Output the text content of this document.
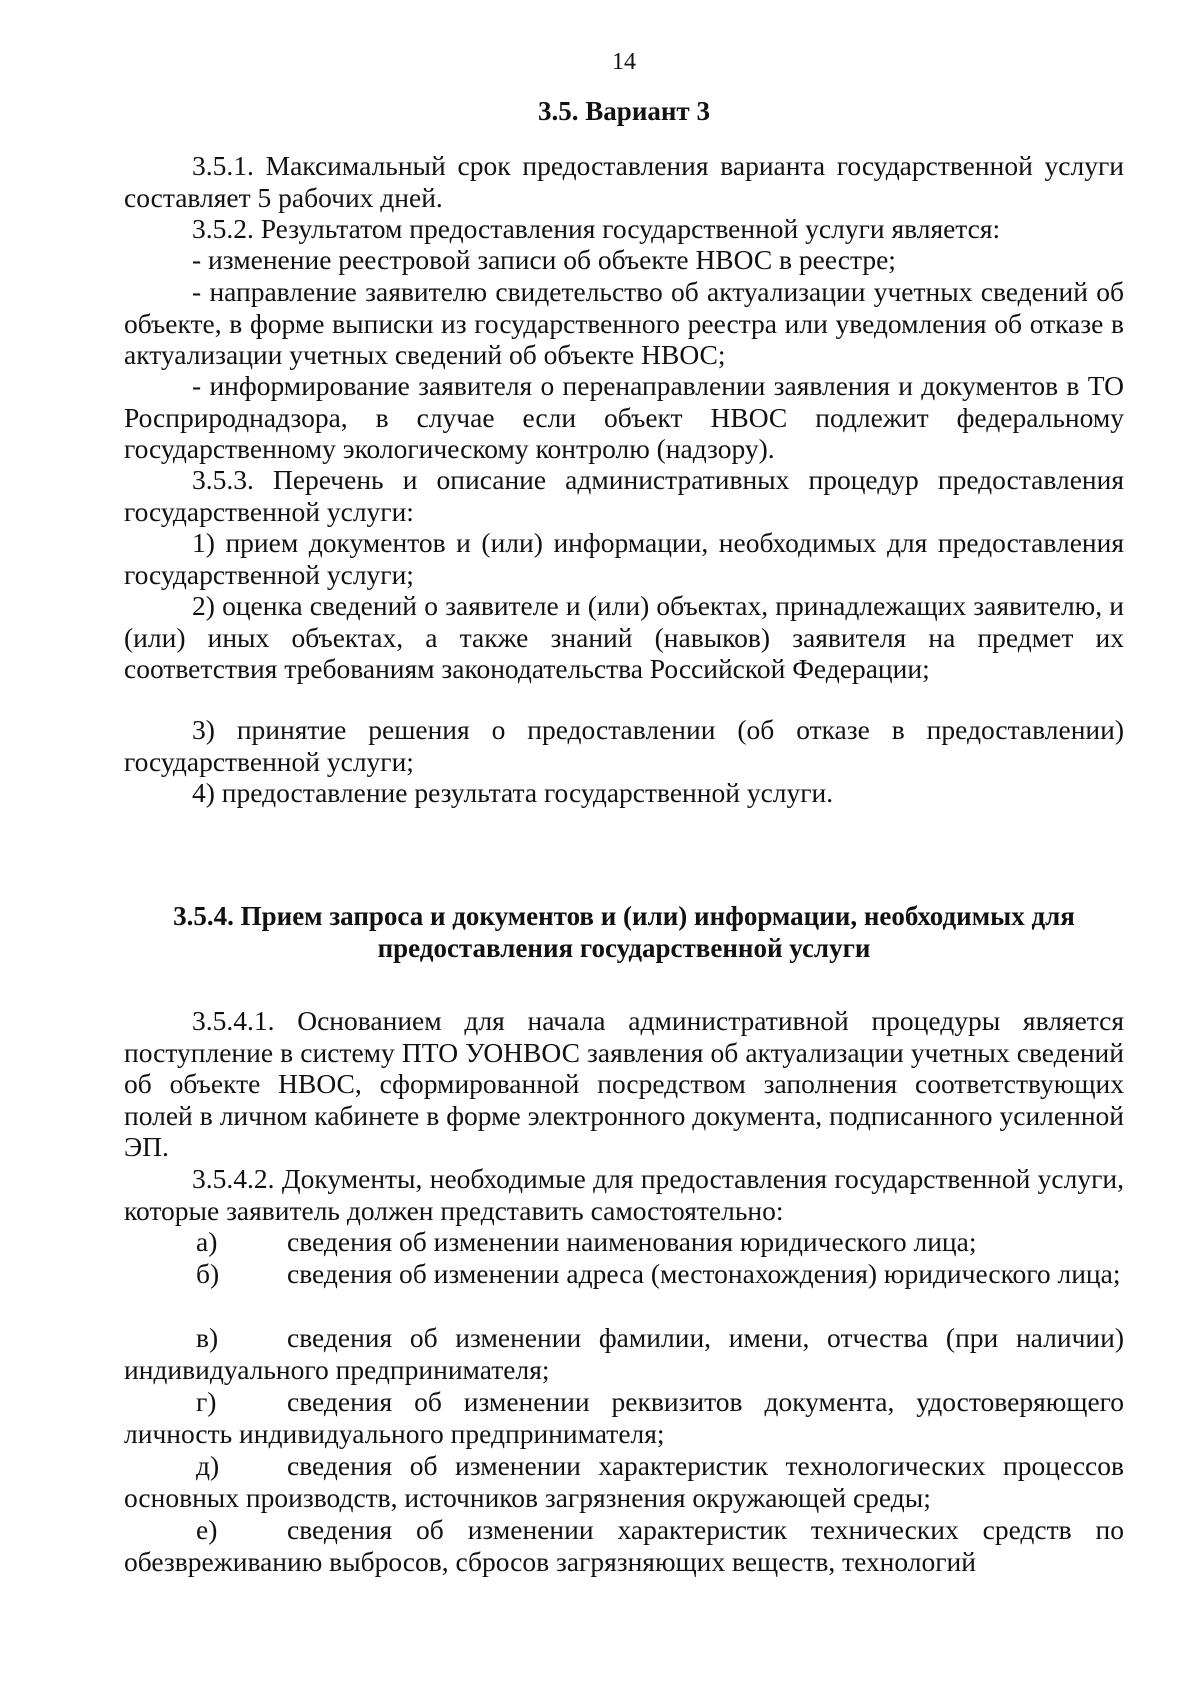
14
3.5. Вариант 3

3.5.1. Максимальный срок предоставления варианта государственной услуги составляет 5 рабочих дней.

3.5.2. Результатом предоставления государственной услуги является:

- изменение реестровой записи об объекте НВОС в реестре;

- направление заявителю свидетельство об актуализации учетных сведений об объекте, в форме выписки из государственного реестра или уведомления об отказе в актуализации учетных сведений об объекте НВОС;

- информирование заявителя о перенаправлении заявления и документов в ТО Росприроднадзора, в случае если объект НВОС подлежит федеральному государственному экологическому контролю (надзору).

3.5.3. Перечень и описание административных процедур предоставления государственной услуги:

1) прием документов и (или) информации, необходимых для предоставления государственной услуги;

2) оценка сведений о заявителе и (или) объектах, принадлежащих заявителю, и (или) иных объектах, а также знаний (навыков) заявителя на предмет их соответствия требованиям законодательства Российской Федерации;

3) принятие решения о предоставлении (об отказе в предоставлении) государственной услуги;

4) предоставление результата государственной услуги.

3.5.4. Прием запроса и документов и (или) информации, необходимых для предоставления государственной услуги

3.5.4.1. Основанием для начала административной процедуры является поступление в систему ПТО УОНВОС заявления об актуализации учетных сведений об объекте НВОС, сформированной посредством заполнения соответствующих полей в личном кабинете в форме электронного документа, подписанного усиленной ЭП.

3.5.4.2. Документы, необходимые для предоставления государственной услуги, которые заявитель должен представить самостоятельно:

а)	сведения об изменении наименования юридического лица;

б) сведения об изменении адреса (местонахождения) юридического лица;

в)	сведения об изменении фамилии, имени, отчества (при наличии) индивидуального предпринимателя;

г)	сведения об изменении реквизитов документа, удостоверяющего личность индивидуального предпринимателя;

д) сведения об изменении характеристик технологических процессов основных производств, источников загрязнения окружающей среды;

е)	сведения об изменении характеристик технических средств по обезвреживанию выбросов, сбросов загрязняющих веществ, технологий
